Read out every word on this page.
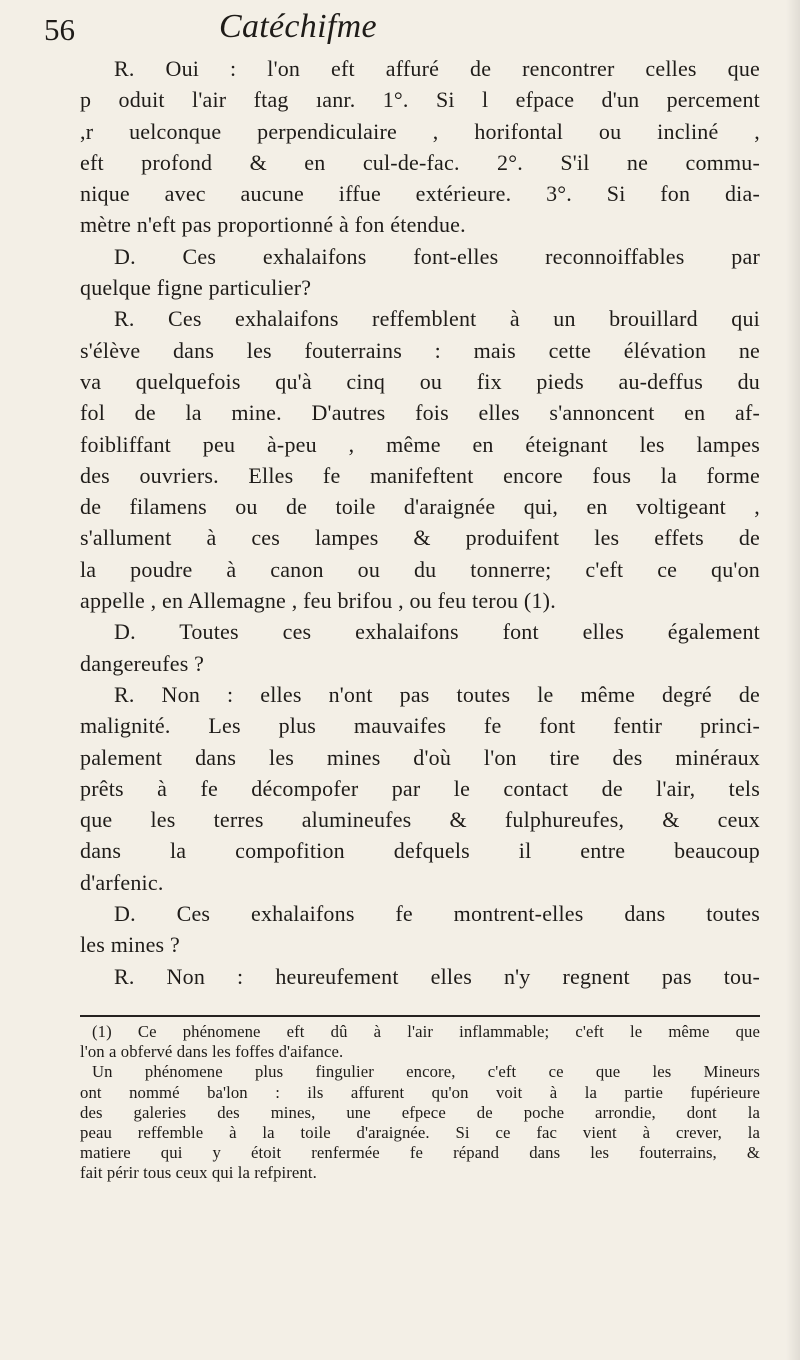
56	Catéchifme
R. Oui : l'on eft affuré de rencontrer celles que
p oduit l'air ftag ıanr. 1°. Si l efpace d'un percement
,r uelconque perpendiculaire , horifontal ou incliné ,
eft profond & en cul-de-fac. 2°. S'il ne commu-
nique avec aucune iffue extérieure. 3°. Si fon dia-
mètre n'eft pas proportionné à fon étendue.
D. Ces exhalaifons font-elles reconnoiffables par
quelque figne particulier?
R. Ces exhalaifons reffemblent à un brouillard qui
s'élève dans les fouterrains : mais cette élévation ne
va quelquefois qu'à cinq ou fix pieds au-deffus du
fol de la mine. D'autres fois elles s'annoncent en af-
foibliffant peu à-peu , même en éteignant les lampes
des ouvriers. Elles fe manifeftent encore fous la forme
de filamens ou de toile d'araignée qui, en voltigeant ,
s'allument à ces lampes & produifent les effets de
la poudre à canon ou du tonnerre; c'eft ce qu'on
appelle , en Allemagne , feu brifou , ou feu terou (1).
D. Toutes ces exhalaifons font elles également
dangereufes ?
R. Non : elles n'ont pas toutes le même degré de
malignité. Les plus mauvaifes fe font fentir princi-
palement dans les mines d'où l'on tire des minéraux
prêts à fe décompofer par le contact de l'air, tels
que les terres alumineufes & fulphureufes, & ceux
dans la compofition defquels il entre beaucoup
d'arfenic.
D. Ces exhalaifons fe montrent-elles dans toutes
les mines ?
R. Non : heureufement elles n'y regnent pas tou-
(1) Ce phénomene eft dû à l'air inflammable; c'eft le même que
l'on a obfervé dans les foffes d'aifance.
Un phénomene plus fingulier encore, c'eft ce que les Mineurs
ont nommé ba'lon : ils affurent qu'on voit à la partie fupérieure
des galeries des mines, une efpece de poche arrondie, dont la
peau reffemble à la toile d'araignée. Si ce fac vient à crever, la
matiere qui y étoit renfermée fe répand dans les fouterrains, &
fait périr tous ceux qui la refpirent.
